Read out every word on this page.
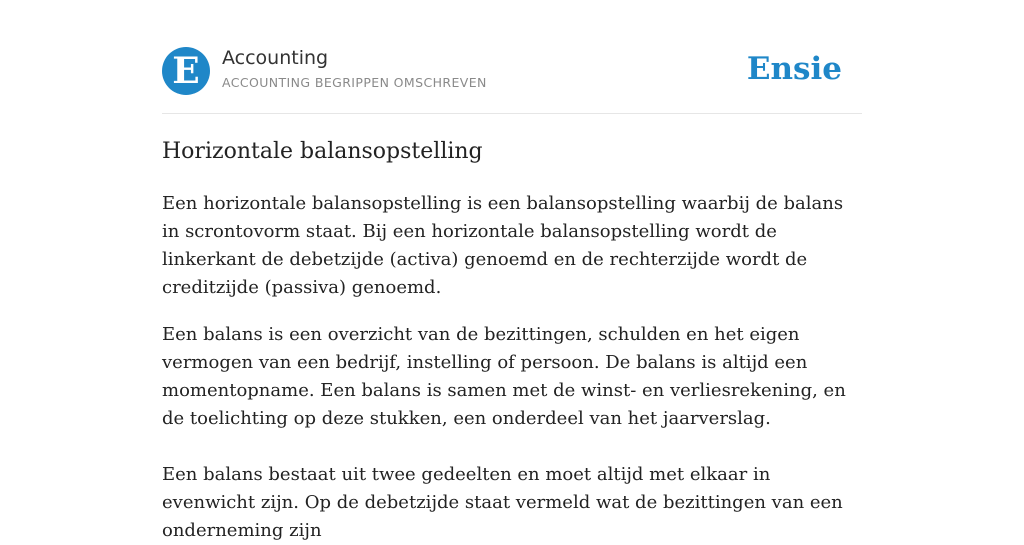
E	Accounting
ACCOUNTING BEGRIPPEN OMSCHREVEN	Ensie
Horizontale balansopstelling

Een horizontale balansopstelling is een balansopstelling waarbij de balans in scrontovorm staat. Bij een horizontale balansopstelling wordt de linkerkant de debetzijde (activa) genoemd en de rechterzijde wordt de creditzijde (passiva) genoemd.

Een balans is een overzicht van de bezittingen, schulden en het eigen vermogen van een bedrijf, instelling of persoon. De balans is altijd een momentopname. Een balans is samen met de winst- en verliesrekening, en de toelichting op deze stukken, een onderdeel van het jaarverslag.

Een balans bestaat uit twee gedeelten en moet altijd met elkaar in evenwicht zijn. Op de debetzijde staat vermeld wat de bezittingen van een onderneming zijn
